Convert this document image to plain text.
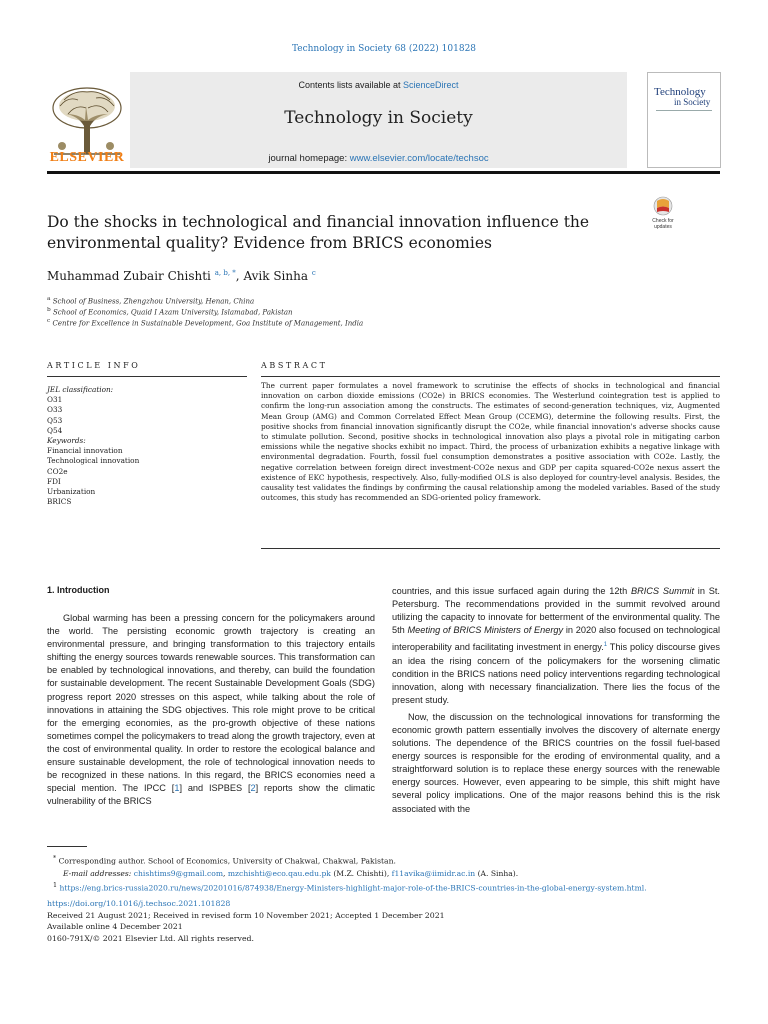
Technology in Society 68 (2022) 101828
ELSEVIER
Contents lists available at ScienceDirect
Technology in Society
journal homepage: www.elsevier.com/locate/techsoc
Technology
in Society
Do the shocks in technological and financial innovation influence the environmental quality? Evidence from BRICS economies
Check for
updates
Muhammad Zubair Chishti $^{a, b, *}$, Avik Sinha $^c$
$^a$ School of Business, Zhengzhou University, Henan, China
$^b$ School of Economics, Quaid I Azam University, Islamabad, Pakistan
$^c$ Centre for Excellence in Sustainable Development, Goa Institute of Management, India
ARTICLE INFO	ABSTRACT
JEL classification:
O31
O33
Q53
Q54
Keywords:
Financial innovation
Technological innovation
CO2e
FDI
Urbanization
BRICS
The current paper formulates a novel framework to scrutinise the effects of shocks in technological and financial innovation on carbon dioxide emissions (CO2e) in BRICS economies. The Westerlund cointegration test is applied to confirm the long-run association among the constructs. The estimates of second-generation techniques, viz, Augmented Mean Group (AMG) and Common Correlated Effect Mean Group (CCEMG), determine the following results. First, the positive shocks from financial innovation significantly disrupt the CO2e, while financial innovation's adverse shocks cause to stimulate pollution. Second, positive shocks in technological innovation also plays a pivotal role in mitigating carbon emissions while the negative shocks exhibit no impact. Third, the process of urbanization exhibits a negative linkage with environmental degradation. Fourth, fossil fuel consumption demonstrates a positive association with CO2e. Lastly, the negative correlation between foreign direct investment-CO2e nexus and GDP per capita squared-CO2e nexus assert the existence of EKC hypothesis, respectively. Also, fully-modified OLS is also deployed for country-level analysis. Besides, the causality test validates the findings by confirming the causal relationship among the modeled variables. Based of the study outcomes, this study has recommended an SDG-oriented policy framework.
1. Introduction

Global warming has been a pressing concern for the policymakers around the world. The persisting economic growth trajectory is creating an environmental pressure, and bringing transformation to this trajectory entails shifting the energy sources towards renewable sources. This transformation can be enabled by technological innovations, and thereby, can build the foundation for sustainable development. The recent Sustainable Development Goals (SDG) progress report 2020 stresses on this aspect, while talking about the role of innovations in attaining the SDG objectives. This role might prove to be critical for the emerging economies, as the pro-growth objective of these nations sometimes compel the policymakers to tread along the growth trajectory, even at the cost of environmental quality. In order to restore the ecological balance and ensure sustainable development, the role of technological innovation needs to be recognized in these nations. In this regard, the BRICS economies need a special mention. The IPCC [1] and ISPBES [2] reports show the climatic vulnerability of the BRICS

countries, and this issue surfaced again during the 12th BRICS Summit in St. Petersburg. The recommendations provided in the summit revolved around utilizing the capacity to innovate for betterment of the environmental quality. The 5th Meeting of BRICS Ministers of Energy in 2020 also focused on technological interoperability and facilitating investment in energy.$^1$ This policy discourse gives an idea the rising concern of the policymakers for the worsening climatic condition in the BRICS nations need policy interventions regarding technological innovation, along with necessary financialization. There lies the focus of the present study.

Now, the discussion on the technological innovations for transforming the economic growth pattern essentially involves the discovery of alternate energy solutions. The dependence of the BRICS countries on the fossil fuel-based energy sources is responsible for the eroding of environmental quality, and a straightforward solution is to replace these energy sources with the renewable energy sources. However, even appearing to be simple, this shift might have several policy implications. One of the major reasons behind this is the risk associated with the

* Corresponding author. School of Economics, University of Chakwal, Chakwal, Pakistan.
E-mail addresses: chishtims9@gmail.com, mzchishti@eco.qau.edu.pk (M.Z. Chishti), f11avika@iimidr.ac.in (A. Sinha).
$^1$ https://eng.brics-russia2020.ru/news/20201016/874938/Energy-Ministers-highlight-major-role-of-the-BRICS-countries-in-the-global-energy-system.html.
https://doi.org/10.1016/j.techsoc.2021.101828
Received 21 August 2021; Received in revised form 10 November 2021; Accepted 1 December 2021
Available online 4 December 2021
0160-791X/© 2021 Elsevier Ltd. All rights reserved.
